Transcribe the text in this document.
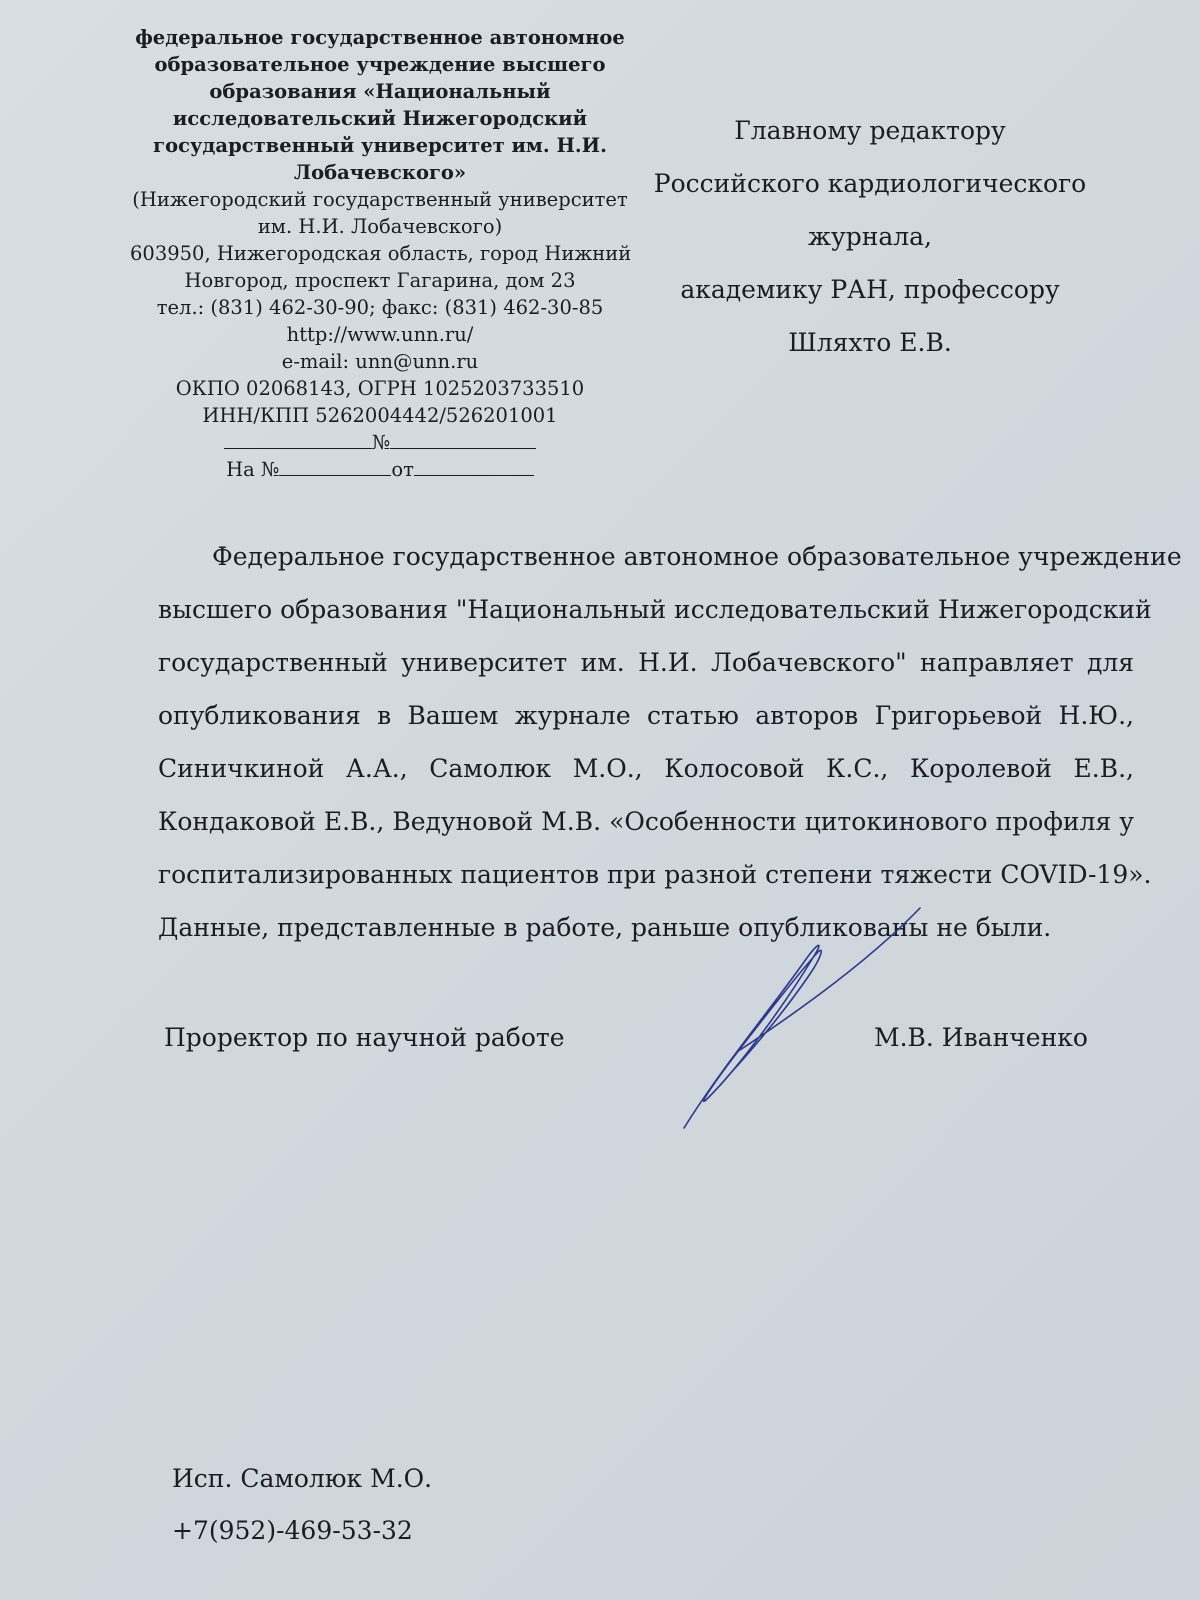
федеральное государственное автономное
образовательное учреждение высшего
образования «Национальный
исследовательский Нижегородский
государственный университет им. Н.И.
Лобачевского»
(Нижегородский государственный университет
им. Н.И. Лобачевского)
603950, Нижегородская область, город Нижний
Новгород, проспект Гагарина, дом 23
тел.: (831) 462-30-90; факс: (831) 462-30-85
http://www.unn.ru/
e-mail: unn@unn.ru
ОКПО 02068143, ОГРН 1025203733510
ИНН/КПП 5262004442/526201001
№
На №	от
Главному редактору
Российского кардиологического
журнала,
академику РАН, профессору
Шляхто Е.В.
Федеральное государственное автономное образовательное учреждение
высшего образования "Национальный исследовательский Нижегородский
государственный университет им. Н.И. Лобачевского" направляет для
опубликования в Вашем журнале статью авторов Григорьевой Н.Ю.,
Синичкиной А.А., Самолюк М.О., Колосовой К.С., Королевой Е.В.,
Кондаковой Е.В., Ведуновой М.В. «Особенности цитокинового профиля у
госпитализированных пациентов при разной степени тяжести COVID-19».
Данные, представленные в работе, раньше опубликованы не были.
Проректор по научной работе	М.В. Иванченко
Исп. Самолюк М.О.
+7(952)-469-53-32
